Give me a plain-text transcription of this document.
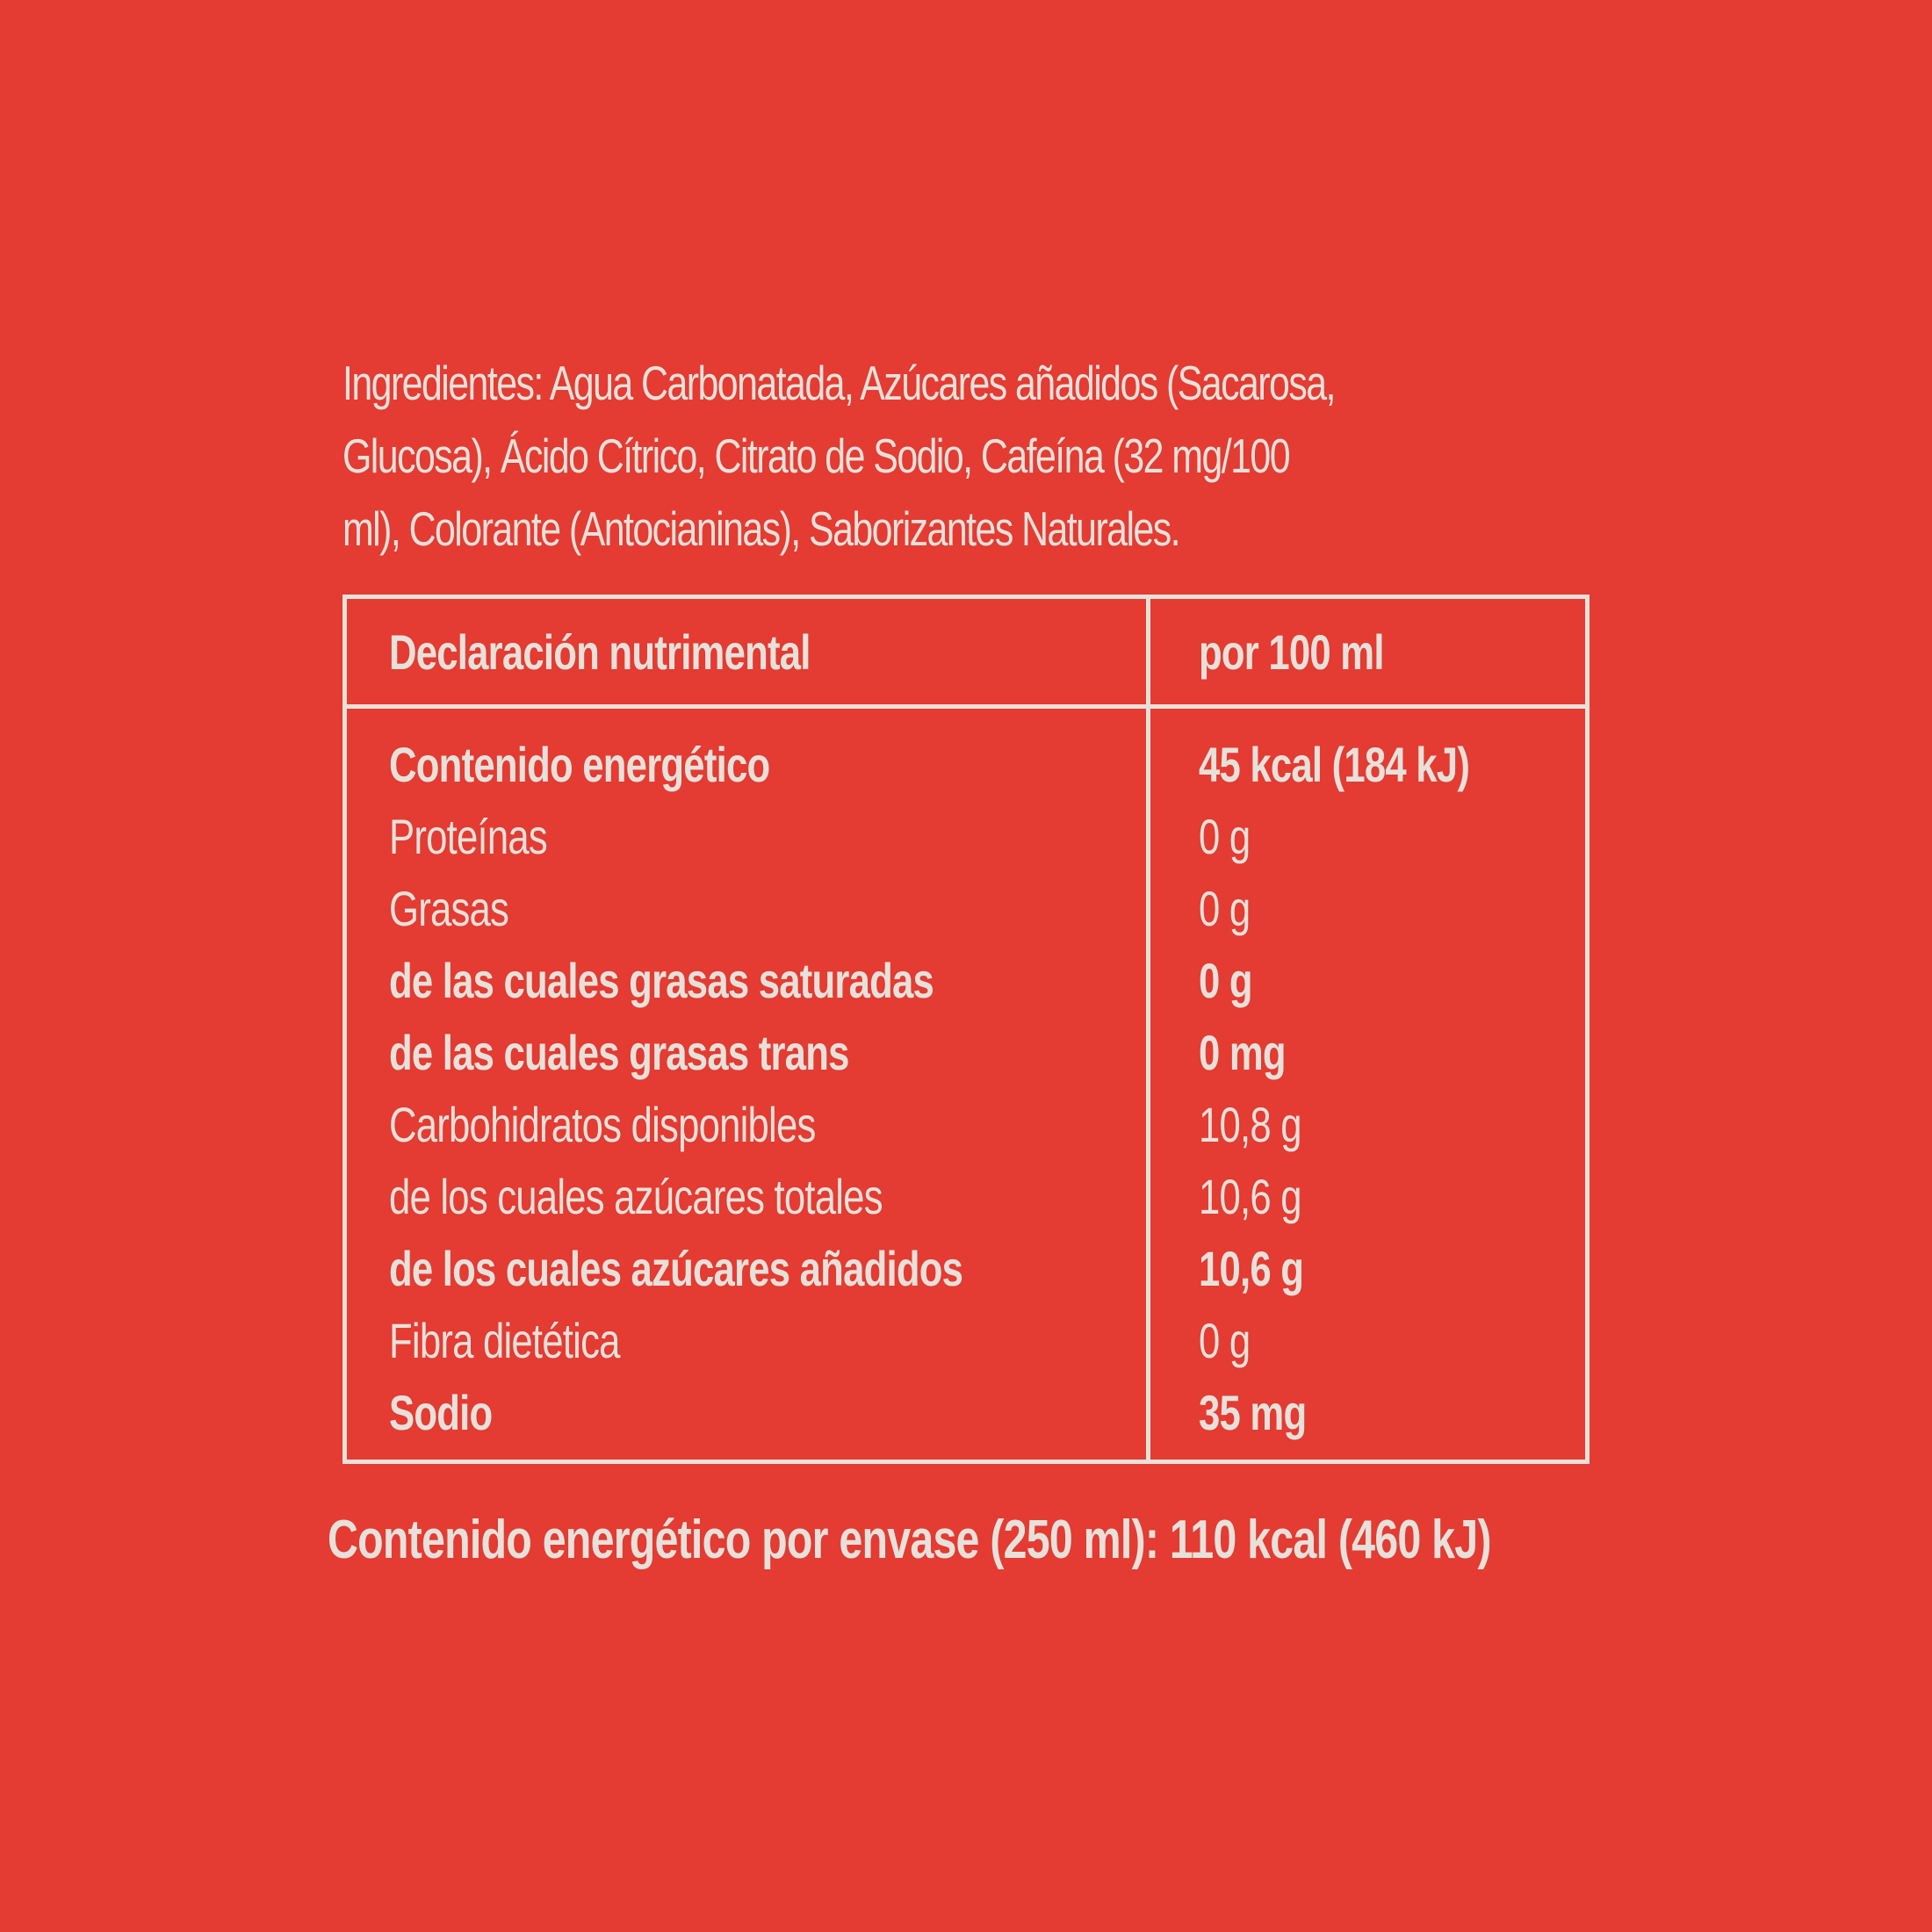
Ingredientes: Agua Carbonatada, Azúcares añadidos (Sacarosa,
Glucosa), Ácido Cítrico, Citrato de Sodio, Cafeína (32 mg/100
ml), Colorante (Antocianinas), Saborizantes Naturales.
Declaración nutrimental	por 100 ml
Contenido energético
Proteínas
Grasas
de las cuales grasas saturadas
de las cuales grasas trans
Carbohidratos disponibles
de los cuales azúcares totales
de los cuales azúcares añadidos
Fibra dietética
Sodio
45 kcal (184 kJ)
0 g
0 g
0 g
0 mg
10,8 g
10,6 g
10,6 g
0 g
35 mg
Contenido energético por envase (250 ml): 110 kcal (460 kJ)
